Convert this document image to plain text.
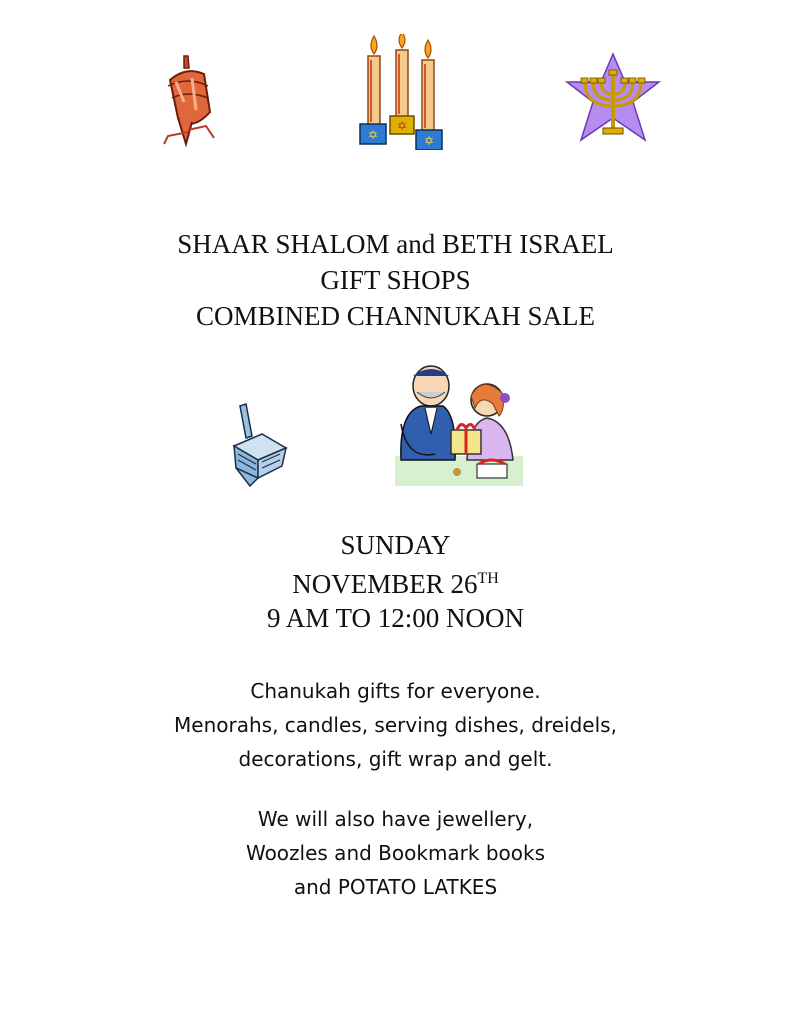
✡
✡
✡
SHAAR SHALOM and BETH ISRAEL
GIFT SHOPS
COMBINED CHANNUKAH SALE
SUNDAY
NOVEMBER 26TH
9 AM TO 12:00 NOON
Chanukah gifts for everyone.
Menorahs, candles, serving dishes, dreidels,
decorations, gift wrap and gelt.
We will also have jewellery,
Woozles and Bookmark books
and POTATO LATKES
